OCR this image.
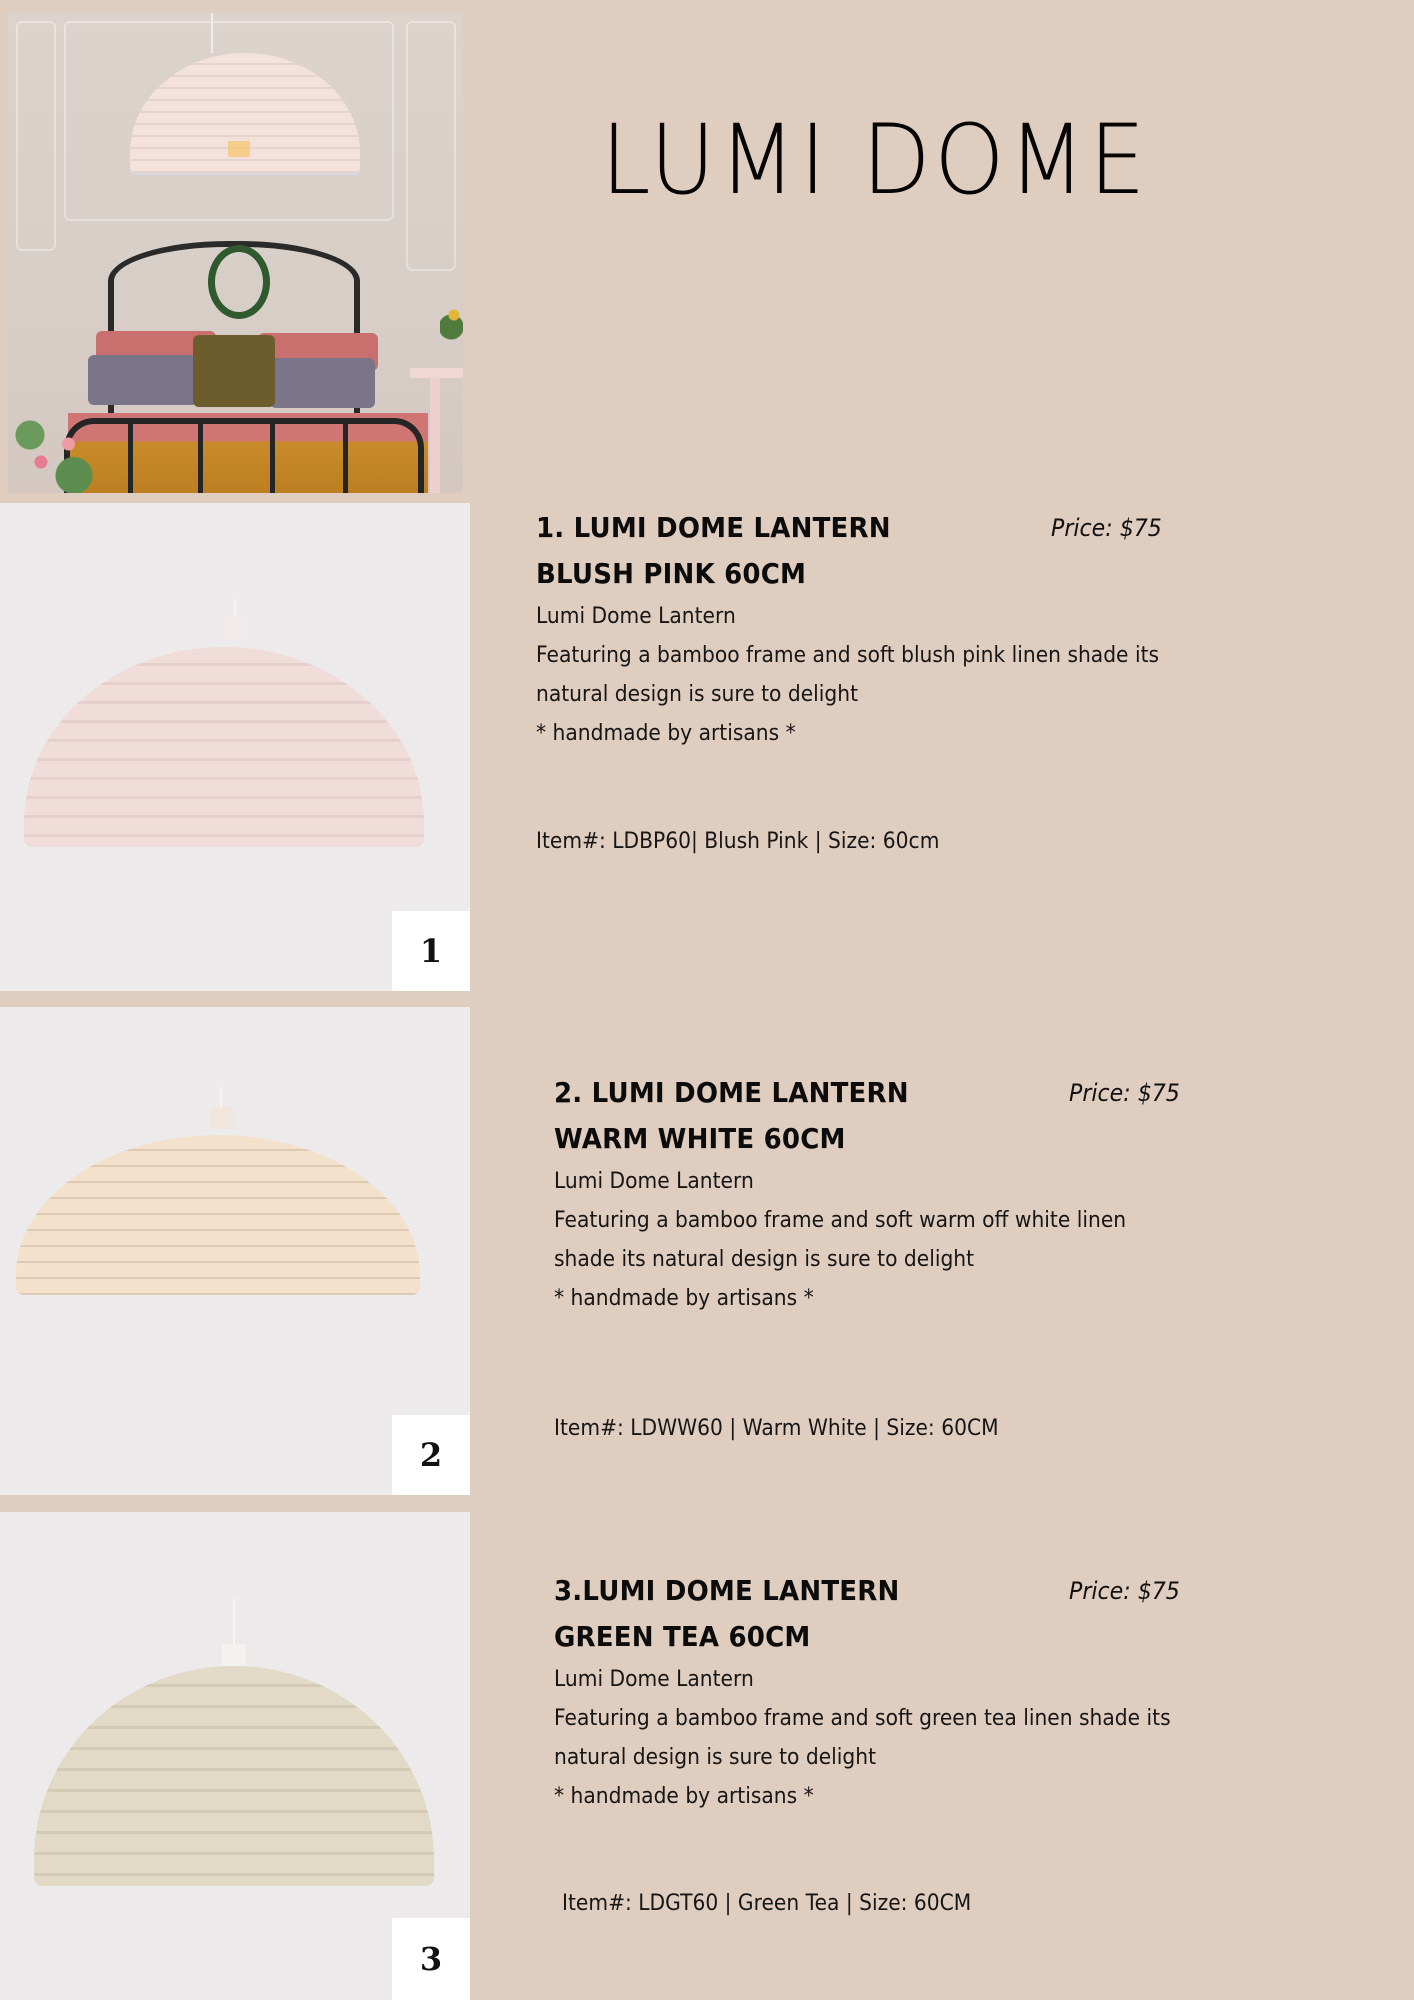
LUMI DOME
1
1. LUMI DOME LANTERN
BLUSH PINK 60CM
Price: $75
Lumi Dome Lantern
Featuring a bamboo frame and soft blush pink linen shade its
natural design is sure to delight
* handmade by artisans *
Item#: LDBP60| Blush Pink | Size: 60cm
2
2. LUMI DOME LANTERN
WARM WHITE 60CM
Price: $75
Lumi Dome Lantern
Featuring a bamboo frame and soft warm off white linen
shade its natural design is sure to delight
* handmade by artisans *
Item#: LDWW60 | Warm White | Size: 60CM
3
3.LUMI DOME LANTERN
GREEN TEA 60CM
Price: $75
Lumi Dome Lantern
Featuring a bamboo frame and soft green tea linen shade its
natural design is sure to delight
* handmade by artisans *
Item#: LDGT60 | Green Tea | Size: 60CM
